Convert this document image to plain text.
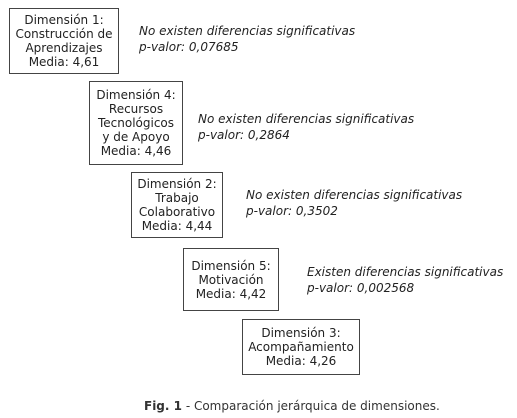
Dimensión 1:
Construcción de
Aprendizajes
Media: 4,61
Dimensión 4:
Recursos
Tecnológicos
y de Apoyo
Media: 4,46
Dimensión 2:
Trabajo
Colaborativo
Media: 4,44
Dimensión 5:
Motivación
Media: 4,42
Dimensión 3:
Acompañamiento
Media: 4,26
No existen diferencias significativas
p-valor: 0,07685
No existen diferencias significativas
p-valor: 0,2864
No existen diferencias significativas
p-valor: 0,3502
Existen diferencias significativas
p-valor: 0,002568
Fig. 1 - Comparación jerárquica de dimensiones.
